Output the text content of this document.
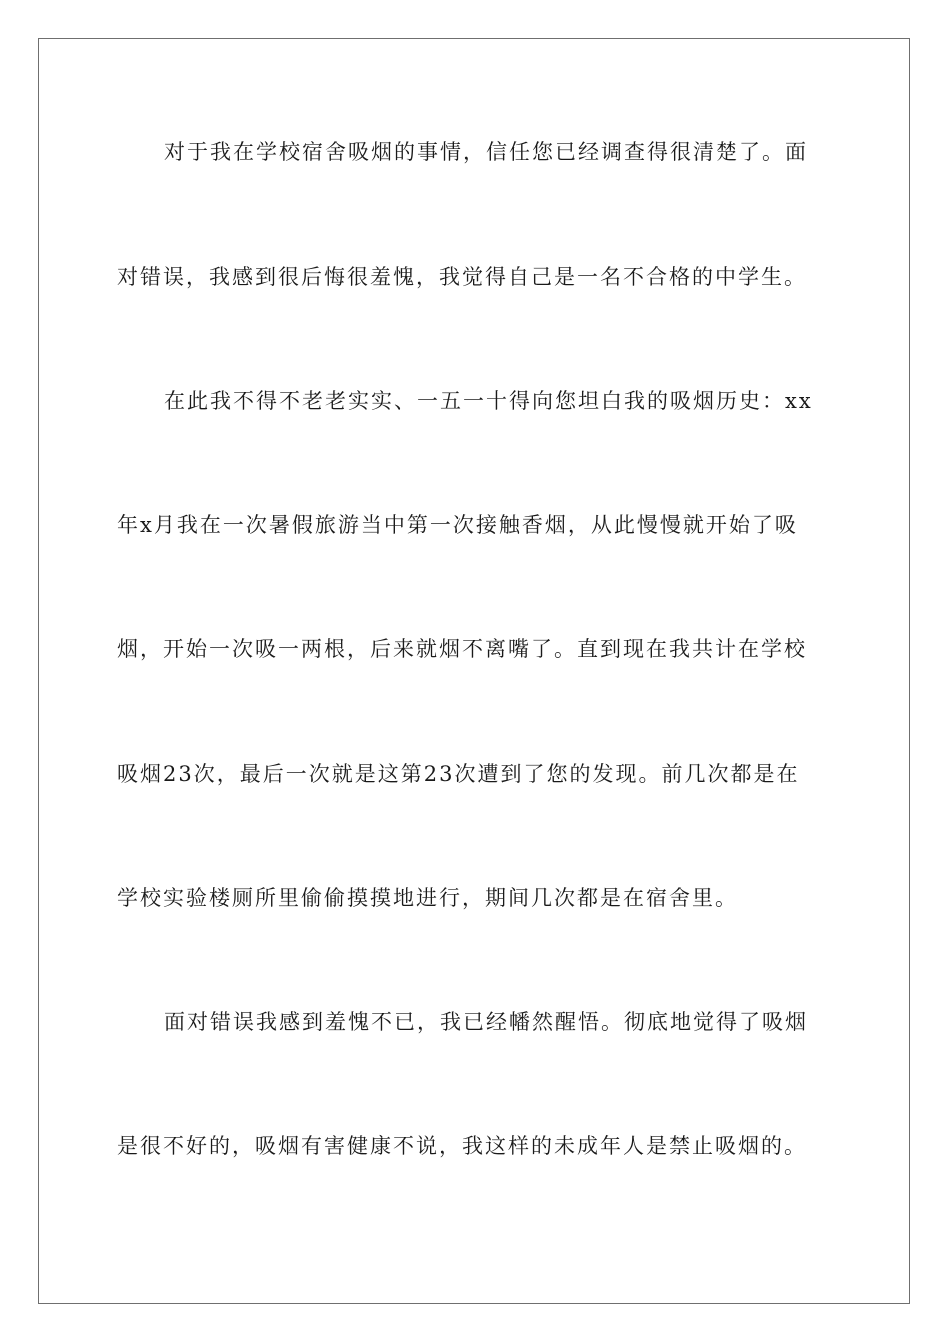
对于我在学校宿舍吸烟的事情，信任您已经调查得很清楚了。面
对错误，我感到很后悔很羞愧，我觉得自己是一名不合格的中学生。
在此我不得不老老实实、一五一十得向您坦白我的吸烟历史：xx
年x月我在一次暑假旅游当中第一次接触香烟，从此慢慢就开始了吸
烟，开始一次吸一两根，后来就烟不离嘴了。直到现在我共计在学校
吸烟23次，最后一次就是这第23次遭到了您的发现。前几次都是在
学校实验楼厕所里偷偷摸摸地进行，期间几次都是在宿舍里。
面对错误我感到羞愧不已，我已经幡然醒悟。彻底地觉得了吸烟
是很不好的，吸烟有害健康不说，我这样的未成年人是禁止吸烟的。
